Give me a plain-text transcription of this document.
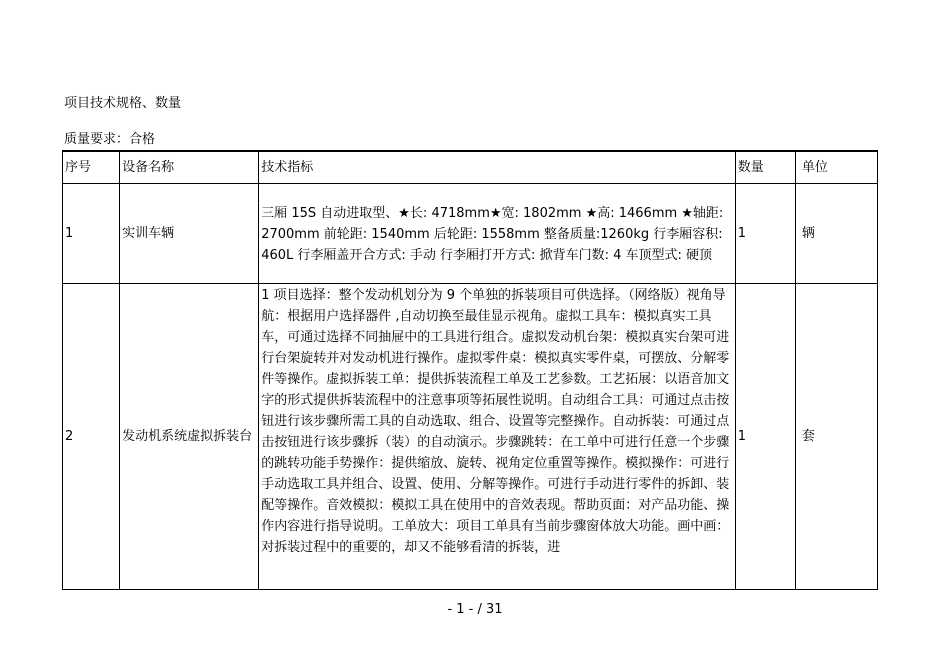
项目技术规格、数量
质量要求：合格
序号	设备名称	技术指标	数量	单位

1	实训车辆	三厢 15S 自动进取型、★长: 4718mm★宽: 1802mm ★高: 1466mm ★轴距: 2700mm 前轮距: 1540mm 后轮距: 1558mm 整备质量:1260kg 行李厢容积: 460L 行李厢盖开合方式: 手动 行李厢打开方式: 掀背车门数: 4 车顶型式: 硬顶	1	辆

2	发动机系统虚拟拆装台	1 项目选择：整个发动机划分为 9 个单独的拆装项目可供选择。（网络版）视角导航：根据用户选择器件 ,自动切换至最佳显示视角。虚拟工具车：模拟真实工具车，可通过选择不同抽屉中的工具进行组合。虚拟发动机台架：模拟真实台架可进行台架旋转并对发动机进行操作。虚拟零件桌：模拟真实零件桌，可摆放、分解零件等操作。虚拟拆装工单：提供拆装流程工单及工艺参数。工艺拓展：以语音加文字的形式提供拆装流程中的注意事项等拓展性说明。自动组合工具：可通过点击按钮进行该步骤所需工具的自动选取、组合、设置等完整操作。自动拆装：可通过点击按钮进行该步骤拆（装）的自动演示。步骤跳转：在工单中可进行任意一个步骤的跳转功能手势操作：提供缩放、旋转、视角定位重置等操作。模拟操作：可进行手动选取工具并组合、设置、使用、分解等操作。可进行手动进行零件的拆卸、装配等操作。音效模拟：模拟工具在使用中的音效表现。帮助页面：对产品功能、操作内容进行指导说明。工单放大：项目工单具有当前步骤窗体放大功能。画中画：对拆装过程中的重要的，却又不能够看清的拆装，进	1	套
- 1 - / 31
